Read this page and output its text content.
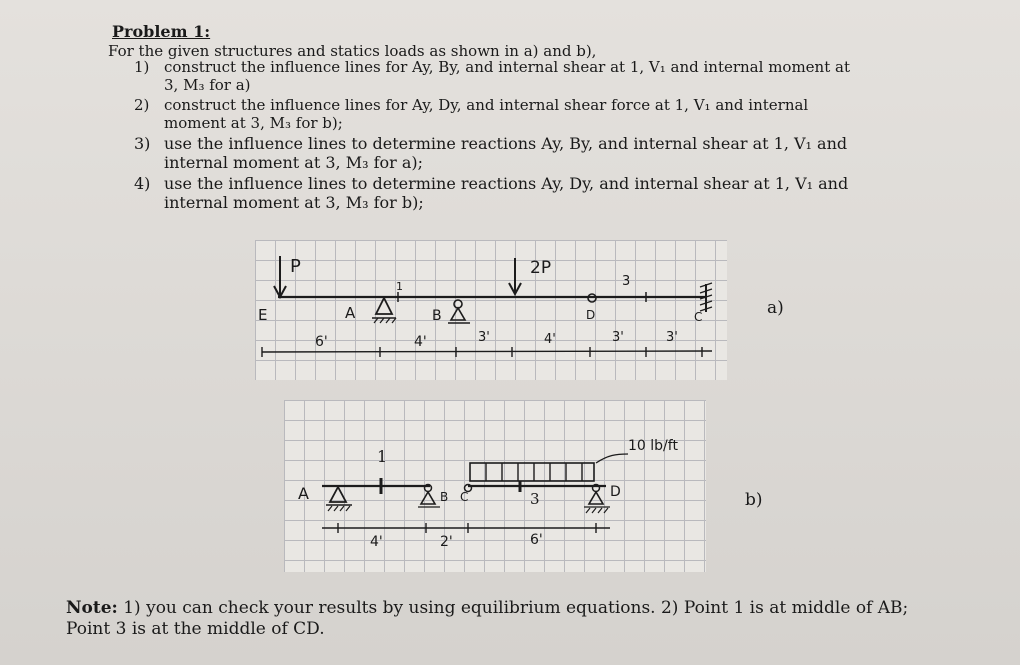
Problem 1:
For the given structures and statics loads as shown in a) and b),
1) construct the influence lines for Ay, By, and internal shear at 1, V₁ and internal moment at 3, M₃ for a)
2) construct the influence lines for Ay, Dy, and internal shear force at 1, V₁ and internal moment at 3, M₃ for b);
3) use the influence lines to determine reactions Ay, By, and internal shear at 1, V₁ and internal moment at 3, M₃ for a);
4) use the influence lines to determine reactions Ay, Dy, and internal shear at 1, V₁ and internal moment at 3, M₃ for b);
P	2P
E	A
1
B	D
3
C
6'	4'	3'	4'	3'	3'
a)
A
1
B C	3	D
10 lb/ft
4'	2'	6'
b)
Note: 1) you can check your results by using equilibrium equations. 2) Point 1 is at middle of AB; Point 3 is at the middle of CD.
